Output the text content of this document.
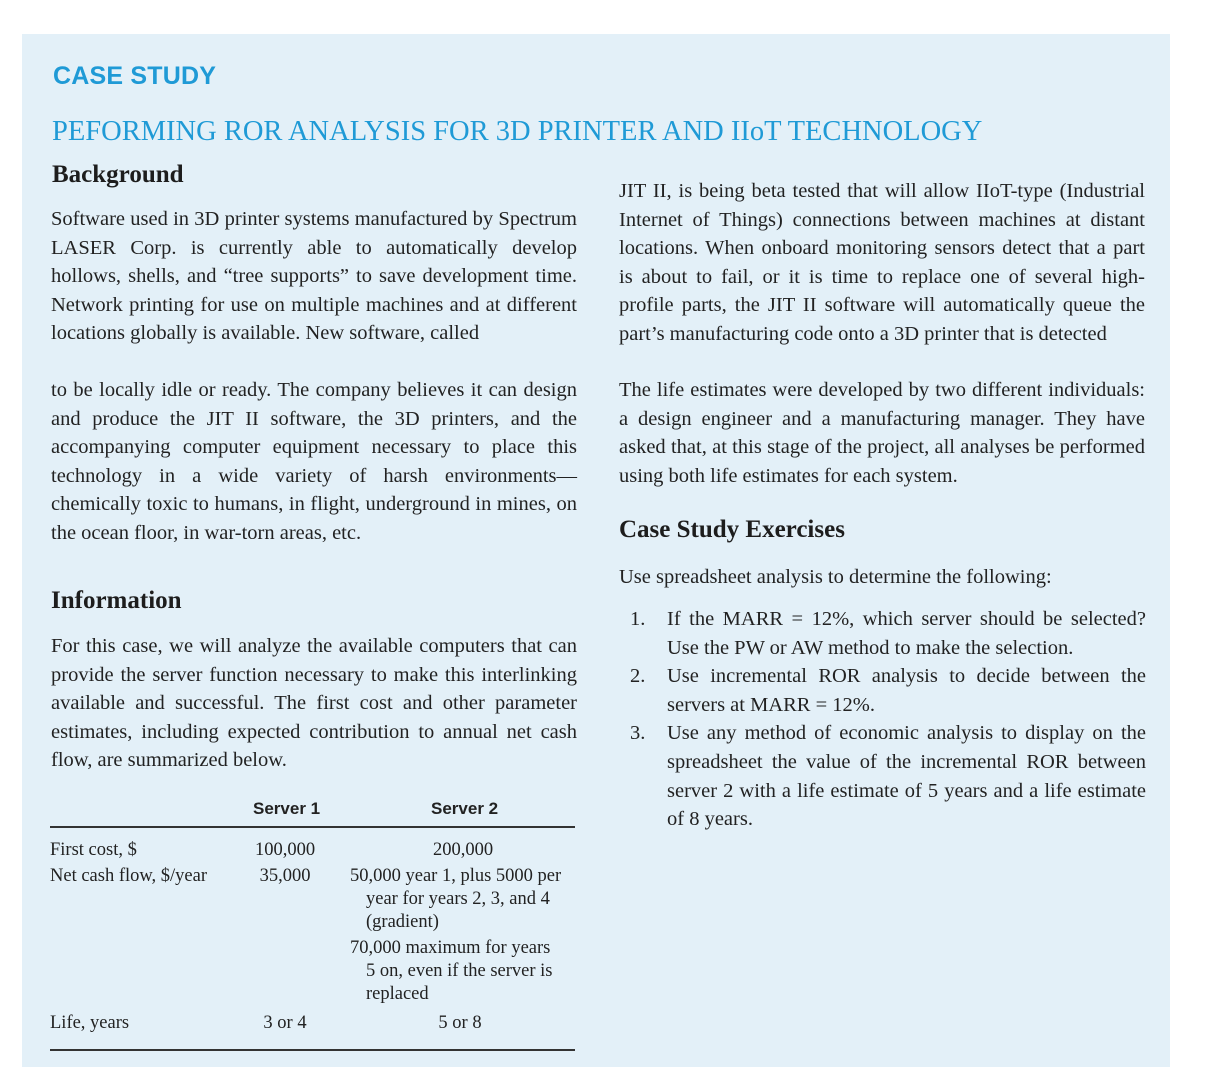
CASE STUDY
PEFORMING ROR ANALYSIS FOR 3D PRINTER AND IIoT TECHNOLOGY
Background

Software used in 3D printer systems manufactured by Spectrum LASER Corp. is currently able to automatically develop hollows, shells, and “tree supports” to save development time. Network printing for use on multiple machines and at different locations globally is available. New software, called

to be locally idle or ready. The company believes it can design and produce the JIT II software, the 3D printers, and the accompanying computer equipment necessary to place this technology in a wide variety of harsh environments—chemically toxic to humans, in flight, underground in mines, on the ocean floor, in war-torn areas, etc.

Information

For this case, we will analyze the available computers that can provide the server function necessary to make this interlinking available and successful. The first cost and other parameter estimates, including expected contribution to annual net cash flow, are summarized below.

Server 1	Server 2
First cost, $	100,000	200,000
Net cash flow, $/year	35,000	50,000 year 1, plus 5000 per
year for years 2, 3, and 4
(gradient)
70,000 maximum for years
5 on, even if the server is
replaced
Life, years	3 or 4	5 or 8

JIT II, is being beta tested that will allow IIoT-type (Industrial Internet of Things) connections between machines at distant locations. When onboard monitoring sensors detect that a part is about to fail, or it is time to replace one of several high-profile parts, the JIT II software will automatically queue the part’s manufacturing code onto a 3D printer that is detected

The life estimates were developed by two different individuals: a design engineer and a manufacturing manager. They have asked that, at this stage of the project, all analyses be performed using both life estimates for each system.

Case Study Exercises

Use spreadsheet analysis to determine the following:

1. If the MARR = 12%, which server should be selected? Use the PW or AW method to make the selection.
2. Use incremental ROR analysis to decide between the servers at MARR = 12%.
3. Use any method of economic analysis to display on the spreadsheet the value of the incremental ROR between server 2 with a life estimate of 5 years and a life estimate of 8 years.
